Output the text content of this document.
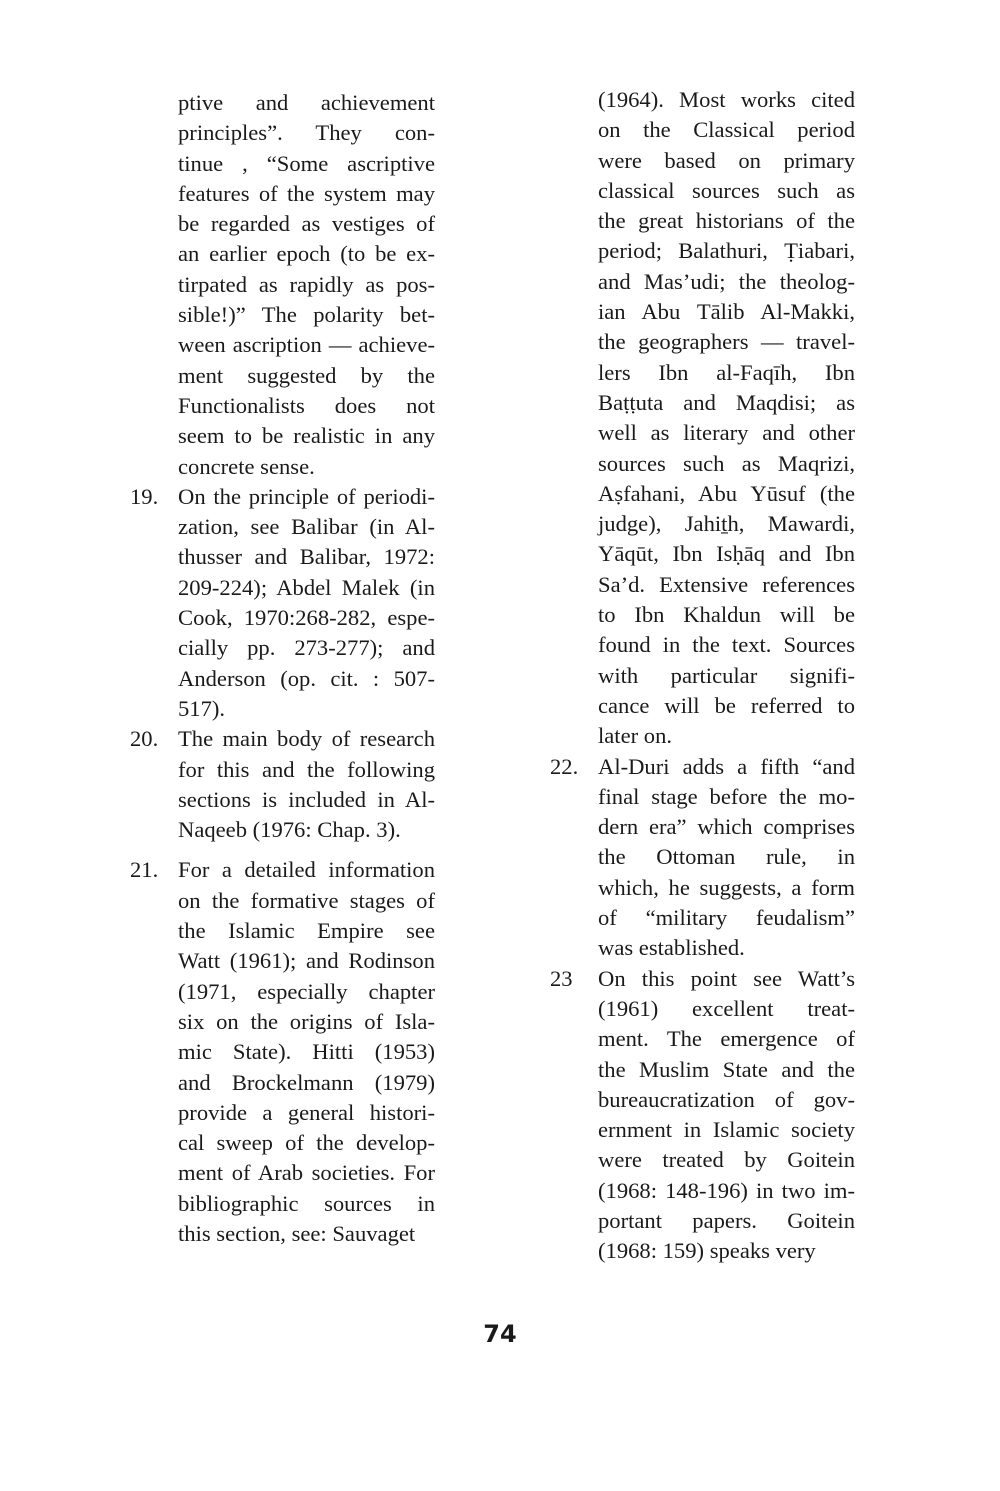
ptive and achievement
principles”. They con-
tinue , “Some ascriptive
features of the system may
be regarded as vestiges of
an earlier epoch (to be ex-
tirpated as rapidly as pos-
sible!)” The polarity bet-
ween ascription — achieve-
ment suggested by the
Functionalists does not
seem to be realistic in any
concrete sense.
19. On the principle of periodi-
zation, see Balibar (in Al-
thusser and Balibar, 1972:
209-224); Abdel Malek (in
Cook, 1970:268-282, espe-
cially pp. 273-277); and
Anderson (op. cit. : 507-
517).
20. The main body of research
for this and the following
sections is included in Al-
Naqeeb (1976: Chap. 3).
21. For a detailed information
on the formative stages of
the Islamic Empire see
Watt (1961); and Rodinson
(1971, especially chapter
six on the origins of Isla-
mic State). Hitti (1953)
and Brockelmann (1979)
provide a general histori-
cal sweep of the develop-
ment of Arab societies. For
bibliographic sources in
this section, see: Sauvaget
(1964). Most works cited
on the Classical period
were based on primary
classical sources such as
the great historians of the
period; Balathuri, Ṭiabari,
and Mas’udi; the theolog-
ian Abu Tālib Al-Makki,
the geographers — travel-
lers Ibn al-Faqīh, Ibn
Baṭṭuta and Maqdisi; as
well as literary and other
sources such as Maqrizi,
Aṣfahani, Abu Yūsuf (the
judge), Jahiṯh, Mawardi,
Yāqūt, Ibn Isḥāq and Ibn
Sa’d. Extensive references
to Ibn Khaldun will be
found in the text. Sources
with particular signifi-
cance will be referred to
later on.
22. Al-Duri adds a fifth “and
final stage before the mo-
dern era” which comprises
the Ottoman rule, in
which, he suggests, a form
of “military feudalism”
was established.
23	On this point see Watt’s
(1961) excellent treat-
ment. The emergence of
the Muslim State and the
bureaucratization of gov-
ernment in Islamic society
were treated by Goitein
(1968: 148-196) in two im-
portant papers. Goitein
(1968: 159) speaks very
74
